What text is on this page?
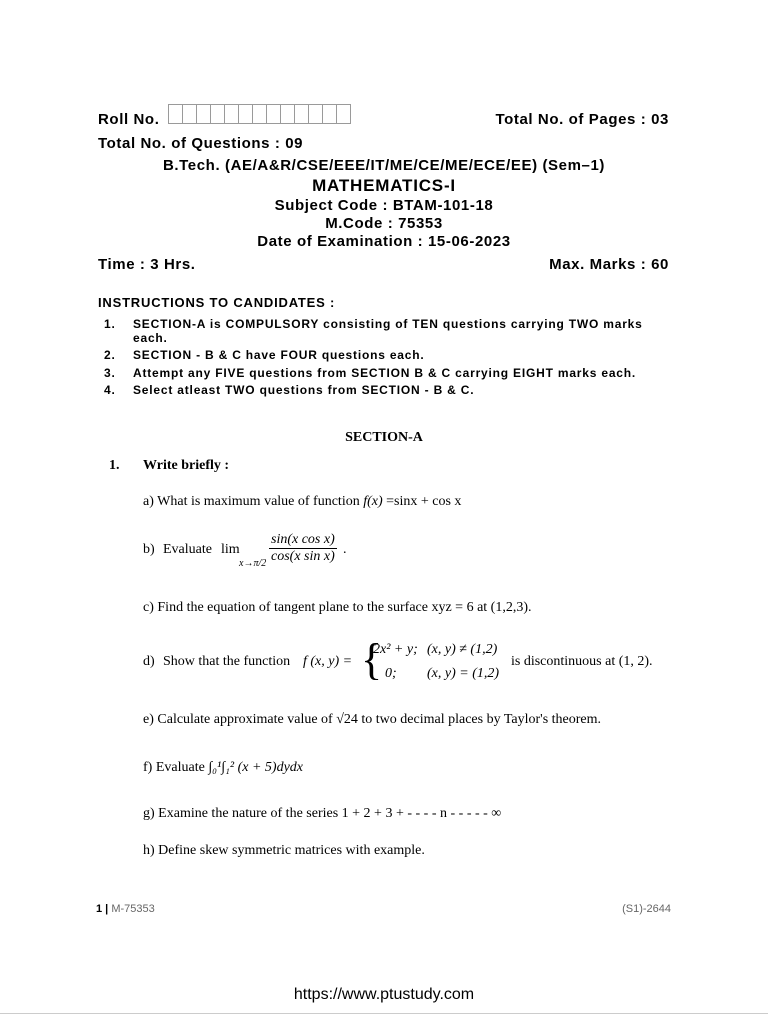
Roll No.	Total No. of Pages : 03
Total No. of Questions : 09
B.Tech. (AE/A&R/CSE/EEE/IT/ME/CE/ME/ECE/EE) (Sem–1)
MATHEMATICS-I
Subject Code : BTAM-101-18
M.Code : 75353
Date of Examination : 15-06-2023
Time : 3 Hrs.	Max. Marks : 60
INSTRUCTIONS TO CANDIDATES :
1. SECTION-A is COMPULSORY consisting of TEN questions carrying TWO marks
each.
2. SECTION - B & C have FOUR questions each.
3. Attempt any FIVE questions from SECTION B & C carrying EIGHT marks each.
4. Select atleast TWO questions from SECTION - B & C.
SECTION-A
1. Write briefly :
a) What is maximum value of function f(x) =sinx + cos x
b) Evaluate lim
$x\to\pi/2 \frac{\text{sin(x cos x)}}{\text{cos(x sin x)}}$ .
c) Find the equation of tangent plane to the surface xyz = 6 at (1,2,3).
d) Show that the function f (x, y) = {
2x² + y; (x, y) ≠ (1,2)
0; (x, y) = (1,2)
is discontinuous at (1, 2).
e) Calculate approximate value of √24 to two decimal places by Taylor's theorem.
f) Evaluate ∫₀¹∫₁² (x + 5)dydx
g) Examine the nature of the series 1 + 2 + 3 + - - - - n - - - - - ∞
h) Define skew symmetric matrices with example.
1 | M-75353	(S1)-2644
https://www.ptustudy.com
